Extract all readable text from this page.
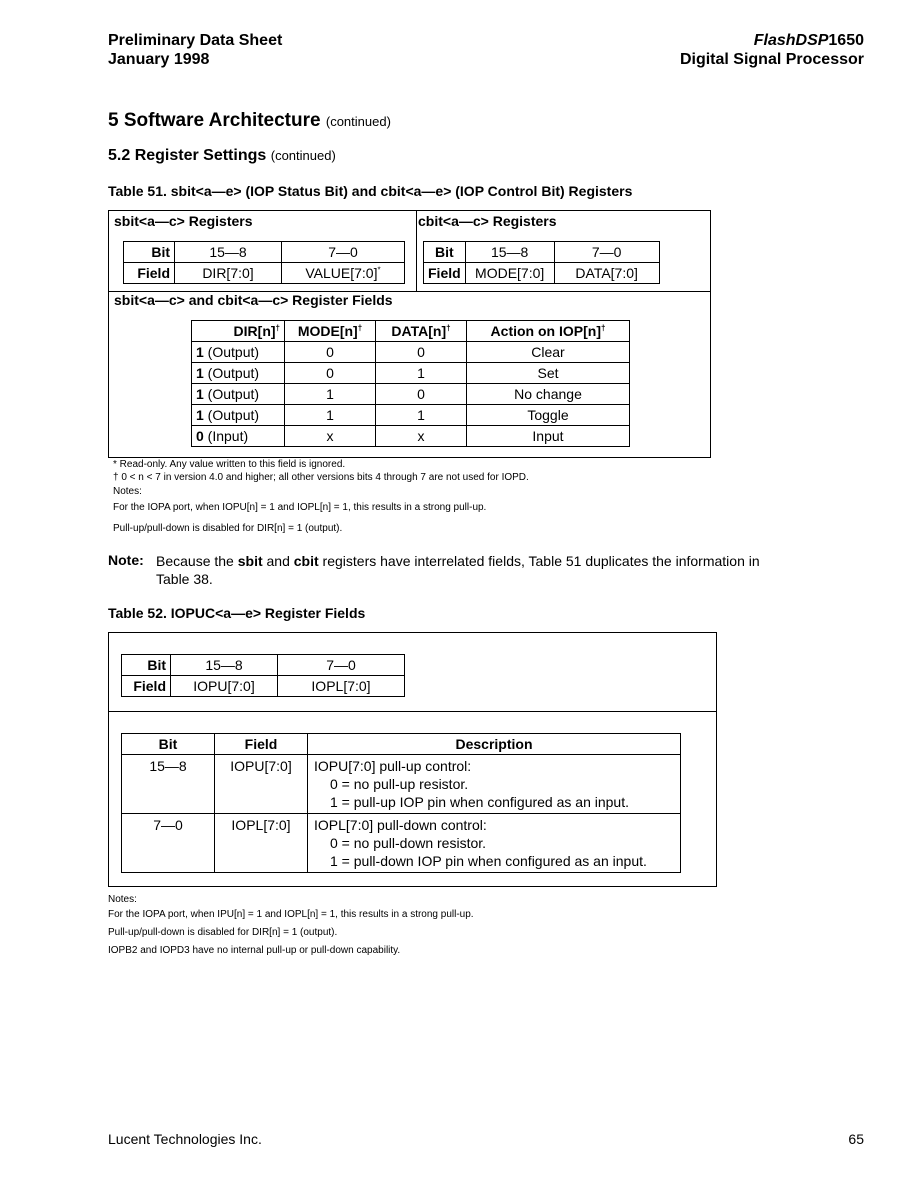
Preliminary Data Sheet
January 1998
FlashDSP1650
Digital Signal Processor
5 Software Architecture (continued)
5.2 Register Settings (continued)
Table 51. sbit<a—e> (IOP Status Bit) and cbit<a—e> (IOP Control Bit) Registers
sbit<a—c> Registers
Bit	15—8	7—0
Field	DIR[7:0]	VALUE[7:0]*
cbit<a—c> Registers
Bit	15—8	7—0
Field	MODE[7:0]	DATA[7:0]
sbit<a—c> and cbit<a—c> Register Fields
DIR[n]†	MODE[n]†	DATA[n]†	Action on IOP[n]†
1 (Output)	0	0	Clear
1 (Output)	0	1	Set
1 (Output)	1	0	No change
1 (Output)	1	1	Toggle
0 (Input)	x	x	Input
* Read-only. Any value written to this field is ignored.
† 0 < n < 7 in version 4.0 and higher; all other versions bits 4 through 7 are not used for IOPD.
Notes:
For the IOPA port, when IOPU[n] = 1 and IOPL[n] = 1, this results in a strong pull-up.
Pull-up/pull-down is disabled for DIR[n] = 1 (output).
Note: Because the sbit and cbit registers have interrelated fields, Table 51 duplicates the information in
Table 38.
Table 52. IOPUC<a—e> Register Fields
Bit	15—8	7—0
Field	IOPU[7:0]	IOPL[7:0]
Bit	Field	Description
15—8	IOPU[7:0]	IOPU[7:0] pull-up control:
0 = no pull-up resistor.
1 = pull-up IOP pin when configured as an input.

7—0	IOPL[7:0]	IOPL[7:0] pull-down control:
0 = no pull-down resistor.
1 = pull-down IOP pin when configured as an input.
Notes:
For the IOPA port, when IPU[n] = 1 and IOPL[n] = 1, this results in a strong pull-up.
Pull-up/pull-down is disabled for DIR[n] = 1 (output).
IOPB2 and IOPD3 have no internal pull-up or pull-down capability.
Lucent Technologies Inc.	65
